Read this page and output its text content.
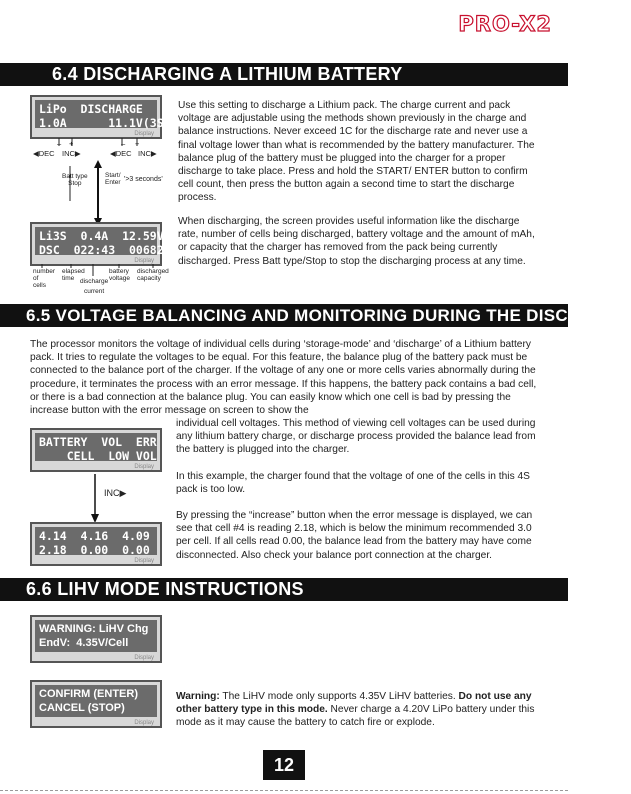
PRO-X2
6.4 DISCHARGING A LITHIUM BATTERY
LiPo  DISCHARGE
1.0A      11.1V(3S)
Display
– +	– +
◀DEC INC▶	◀DEC INC▶
Batt type
Stop
Start/
Enter '>3 seconds'
Li3S  0.4A  12.59V
DSC  022:43  00682
Display
number
of
cells
elapsed
time discharge
current
battery
voltage
discharged
capacity
Use this setting to discharge a Lithium pack. The charge current and pack voltage are adjustable using the methods shown previously in the charge and balance instructions. Never exceed 1C for the discharge rate and never use a final voltage lower than what is recommended by the battery manufacturer. The balance plug of the battery must be plugged into the charger for a proper discharge to take place. Press and hold the START/ ENTER button to confirm cell count, then press the button again a second time to start the discharge process.
When discharging, the screen provides useful information like the discharge rate, number of cells being discharged, battery voltage and the amount of mAh, or capacity that the charger has removed from the pack being currently discharged. Press Batt type/Stop to stop the discharging process at any time.
6.5 VOLTAGE BALANCING AND MONITORING DURING THE DISCHARGE
The processor monitors the voltage of individual cells during ‘storage-mode’ and ‘discharge’ of a Lithium battery pack. It tries to regulate the voltages to be equal. For this feature, the balance plug of the battery pack must be connected to the balance port of the charger. If the voltage of any one or more cells varies abnormally during the procedure, it terminates the process with an error message. If this happens, the battery pack contains a bad cell, or there is a bad connection at the balance plug. You can easily know which one cell is bad by pressing the increase button with the error message on screen to show the
BATTERY  VOL  ERR
CELL  LOW VOL
Display
INC▶
4.14  4.16  4.09
2.18  0.00  0.00
Display
individual cell voltages. This method of viewing cell voltages can be used during any lithium battery charge, or discharge process provided the balance lead from the battery is plugged into the charger.
In this example, the charger found that the voltage of one of the cells in this 4S pack is too low.
By pressing the “increase” button when the error message is displayed, we can see that cell #4 is reading 2.18, which is below the minimum recommended 3.0 per cell. If all cells read 0.00, the balance lead from the battery may have come disconnected. Also check your balance port connection at the charger.
6.6 LIHV MODE INSTRUCTIONS
WARNING: LiHV Chg
EndV:  4.35V/Cell
Display
CONFIRM (ENTER)
CANCEL (STOP)
Display
Warning: The LiHV mode only supports 4.35V LiHV batteries. Do not use any other battery type in this mode. Never charge a 4.20V LiPo battery under this mode as it may cause the battery to catch fire or explode.
12
